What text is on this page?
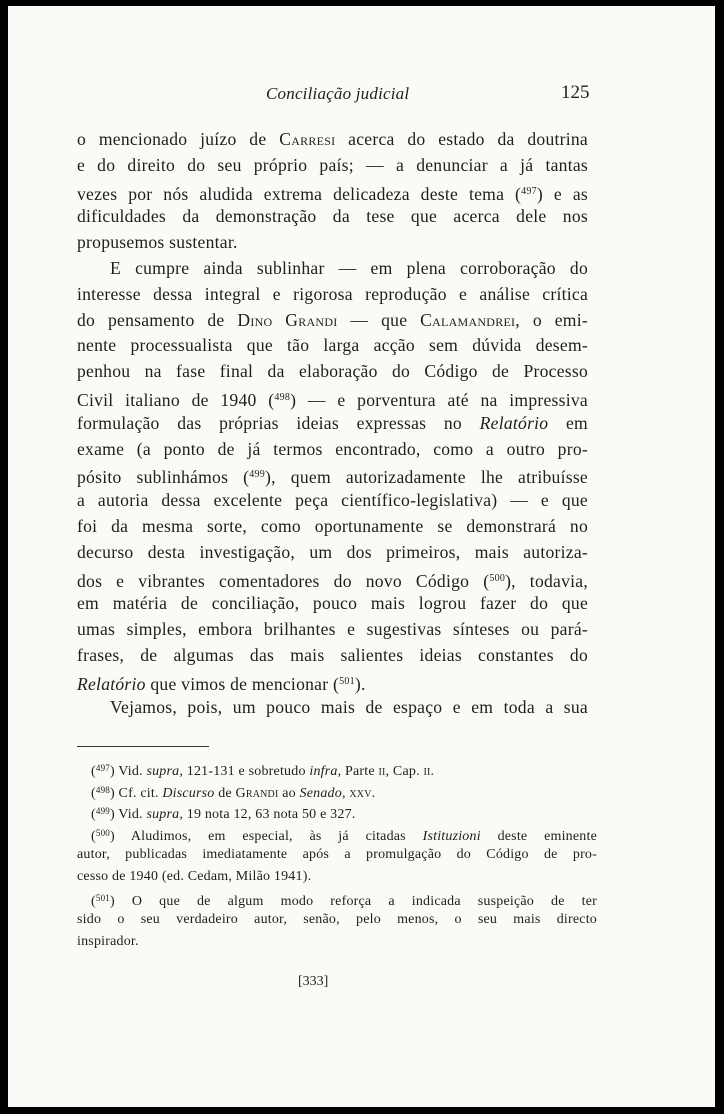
Conciliação judicial	125
o mencionado juízo de Carresi acerca do estado da doutrina
e do direito do seu próprio país; — a denunciar a já tantas
vezes por nós aludida extrema delicadeza deste tema ($^{497}$) e as
dificuldades da demonstração da tese que acerca dele nos
propusemos sustentar.
E cumpre ainda sublinhar — em plena corroboração do
interesse dessa integral e rigorosa reprodução e análise crítica
do pensamento de Dino Grandi — que Calamandrei, o emi-
nente processualista que tão larga acção sem dúvida desem-
penhou na fase final da elaboração do Código de Processo
Civil italiano de 1940 ($^{498}$) — e porventura até na impressiva
formulação das próprias ideias expressas no Relatório em
exame (a ponto de já termos encontrado, como a outro pro-
pósito sublinhámos ($^{499}$), quem autorizadamente lhe atribuísse
a autoria dessa excelente peça científico-legislativa) — e que
foi da mesma sorte, como oportunamente se demonstrará no
decurso desta investigação, um dos primeiros, mais autoriza-
dos e vibrantes comentadores do novo Código ($^{500}$), todavia,
em matéria de conciliação, pouco mais logrou fazer do que
umas simples, embora brilhantes e sugestivas sínteses ou pará-
frases, de algumas das mais salientes ideias constantes do
Relatório que vimos de mencionar ($^{501}$).
Vejamos, pois, um pouco mais de espaço e em toda a sua
($^{497}$) Vid. supra, 121-131 e sobretudo infra, Parte ii, Cap. ii.
($^{498}$) Cf. cit. Discurso de Grandi ao Senado, xxv.
($^{499}$) Vid. supra, 19 nota 12, 63 nota 50 e 327.
($^{500}$) Aludimos, em especial, às já citadas Istituzioni deste eminente
autor, publicadas imediatamente após a promulgação do Código de pro-
cesso de 1940 (ed. Cedam, Milão 1941).
($^{501}$) O que de algum modo reforça a indicada suspeição de ter
sido o seu verdadeiro autor, senão, pelo menos, o seu mais directo
inspirador.
[333]
